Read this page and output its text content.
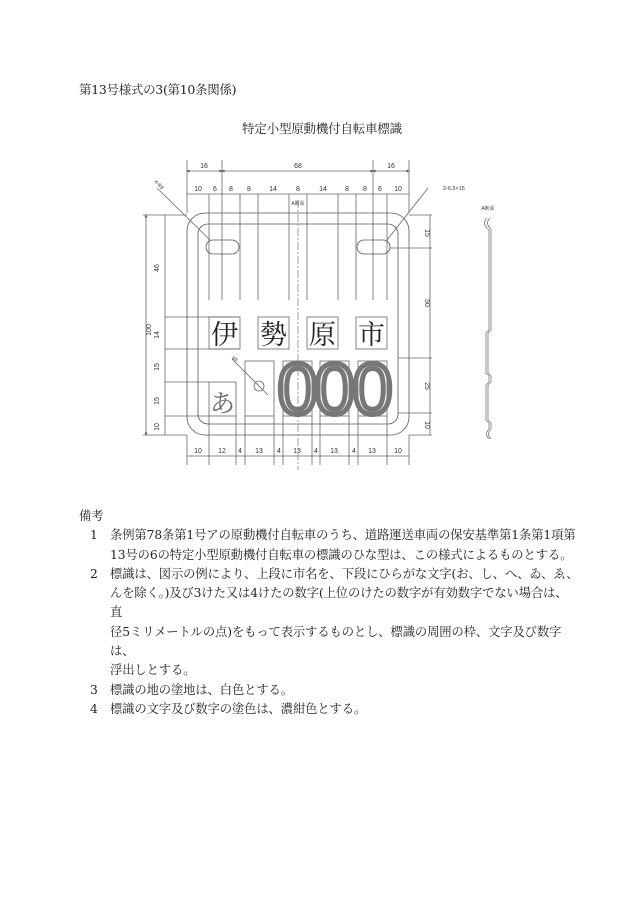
第13号様式の3(第10条関係)
特定小型原動機付自転車標識
16	68	16
10 6 8 8	14	8	14	8 8 6 10
10 12 4 13 4 13 4 13 4 13	10
A断面
A断面
2-6.5×15
4-R8
φ5
100
46
14
15
15
10
15
50
25
10
伊 勢 原 市
あ 0
0
0

備考

1 条例第78条第1号アの原動機付自転車のうち、道路運送車両の保安基準第1条第1項第
13号の6の特定小型原動機付自転車の標識のひな型は、この様式によるものとする。
2 標識は、図示の例により、上段に市名を、下段にひらがな文字(お、し、へ、ゐ、ゑ、
んを除く。)及び3けた又は4けたの数字(上位のけたの数字が有効数字でない場合は、直
径5ミリメートルの点)をもって表示するものとし、標識の周囲の枠、文字及び数字は、
浮出しとする。
3 標識の地の塗地は、白色とする。
4 標識の文字及び数字の塗色は、濃紺色とする。
